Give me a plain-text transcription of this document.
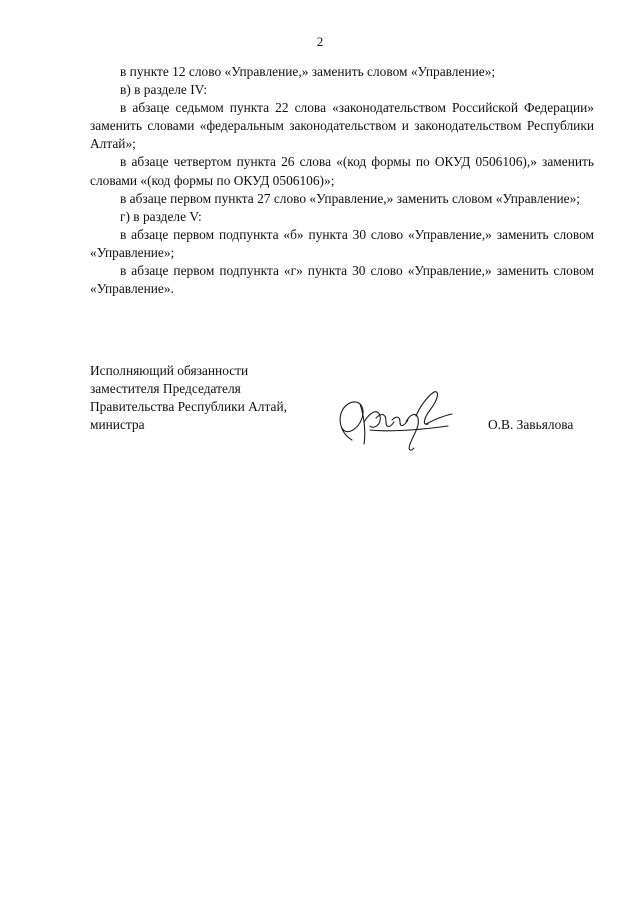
2

в пункте 12 слово «Управление,» заменить словом «Управление»;

в) в разделе IV:

в абзаце седьмом пункта 22 слова «законодательством Российской Федерации» заменить словами «федеральным законодательством и законодательством Республики Алтай»;

в абзаце четвертом пункта 26 слова «(код формы по ОКУД 0506106),» заменить словами «(код формы по ОКУД 0506106)»;

в абзаце первом пункта 27 слово «Управление,» заменить словом «Управление»;

г) в разделе V:

в абзаце первом подпункта «б» пункта 30 слово «Управление,» заменить словом «Управление»;

в абзаце первом подпункта «г» пункта 30 слово «Управление,» заменить словом «Управление».

Исполняющий обязанности
заместителя Председателя
Правительства Республики Алтай,
министра	О.В. Завьялова
